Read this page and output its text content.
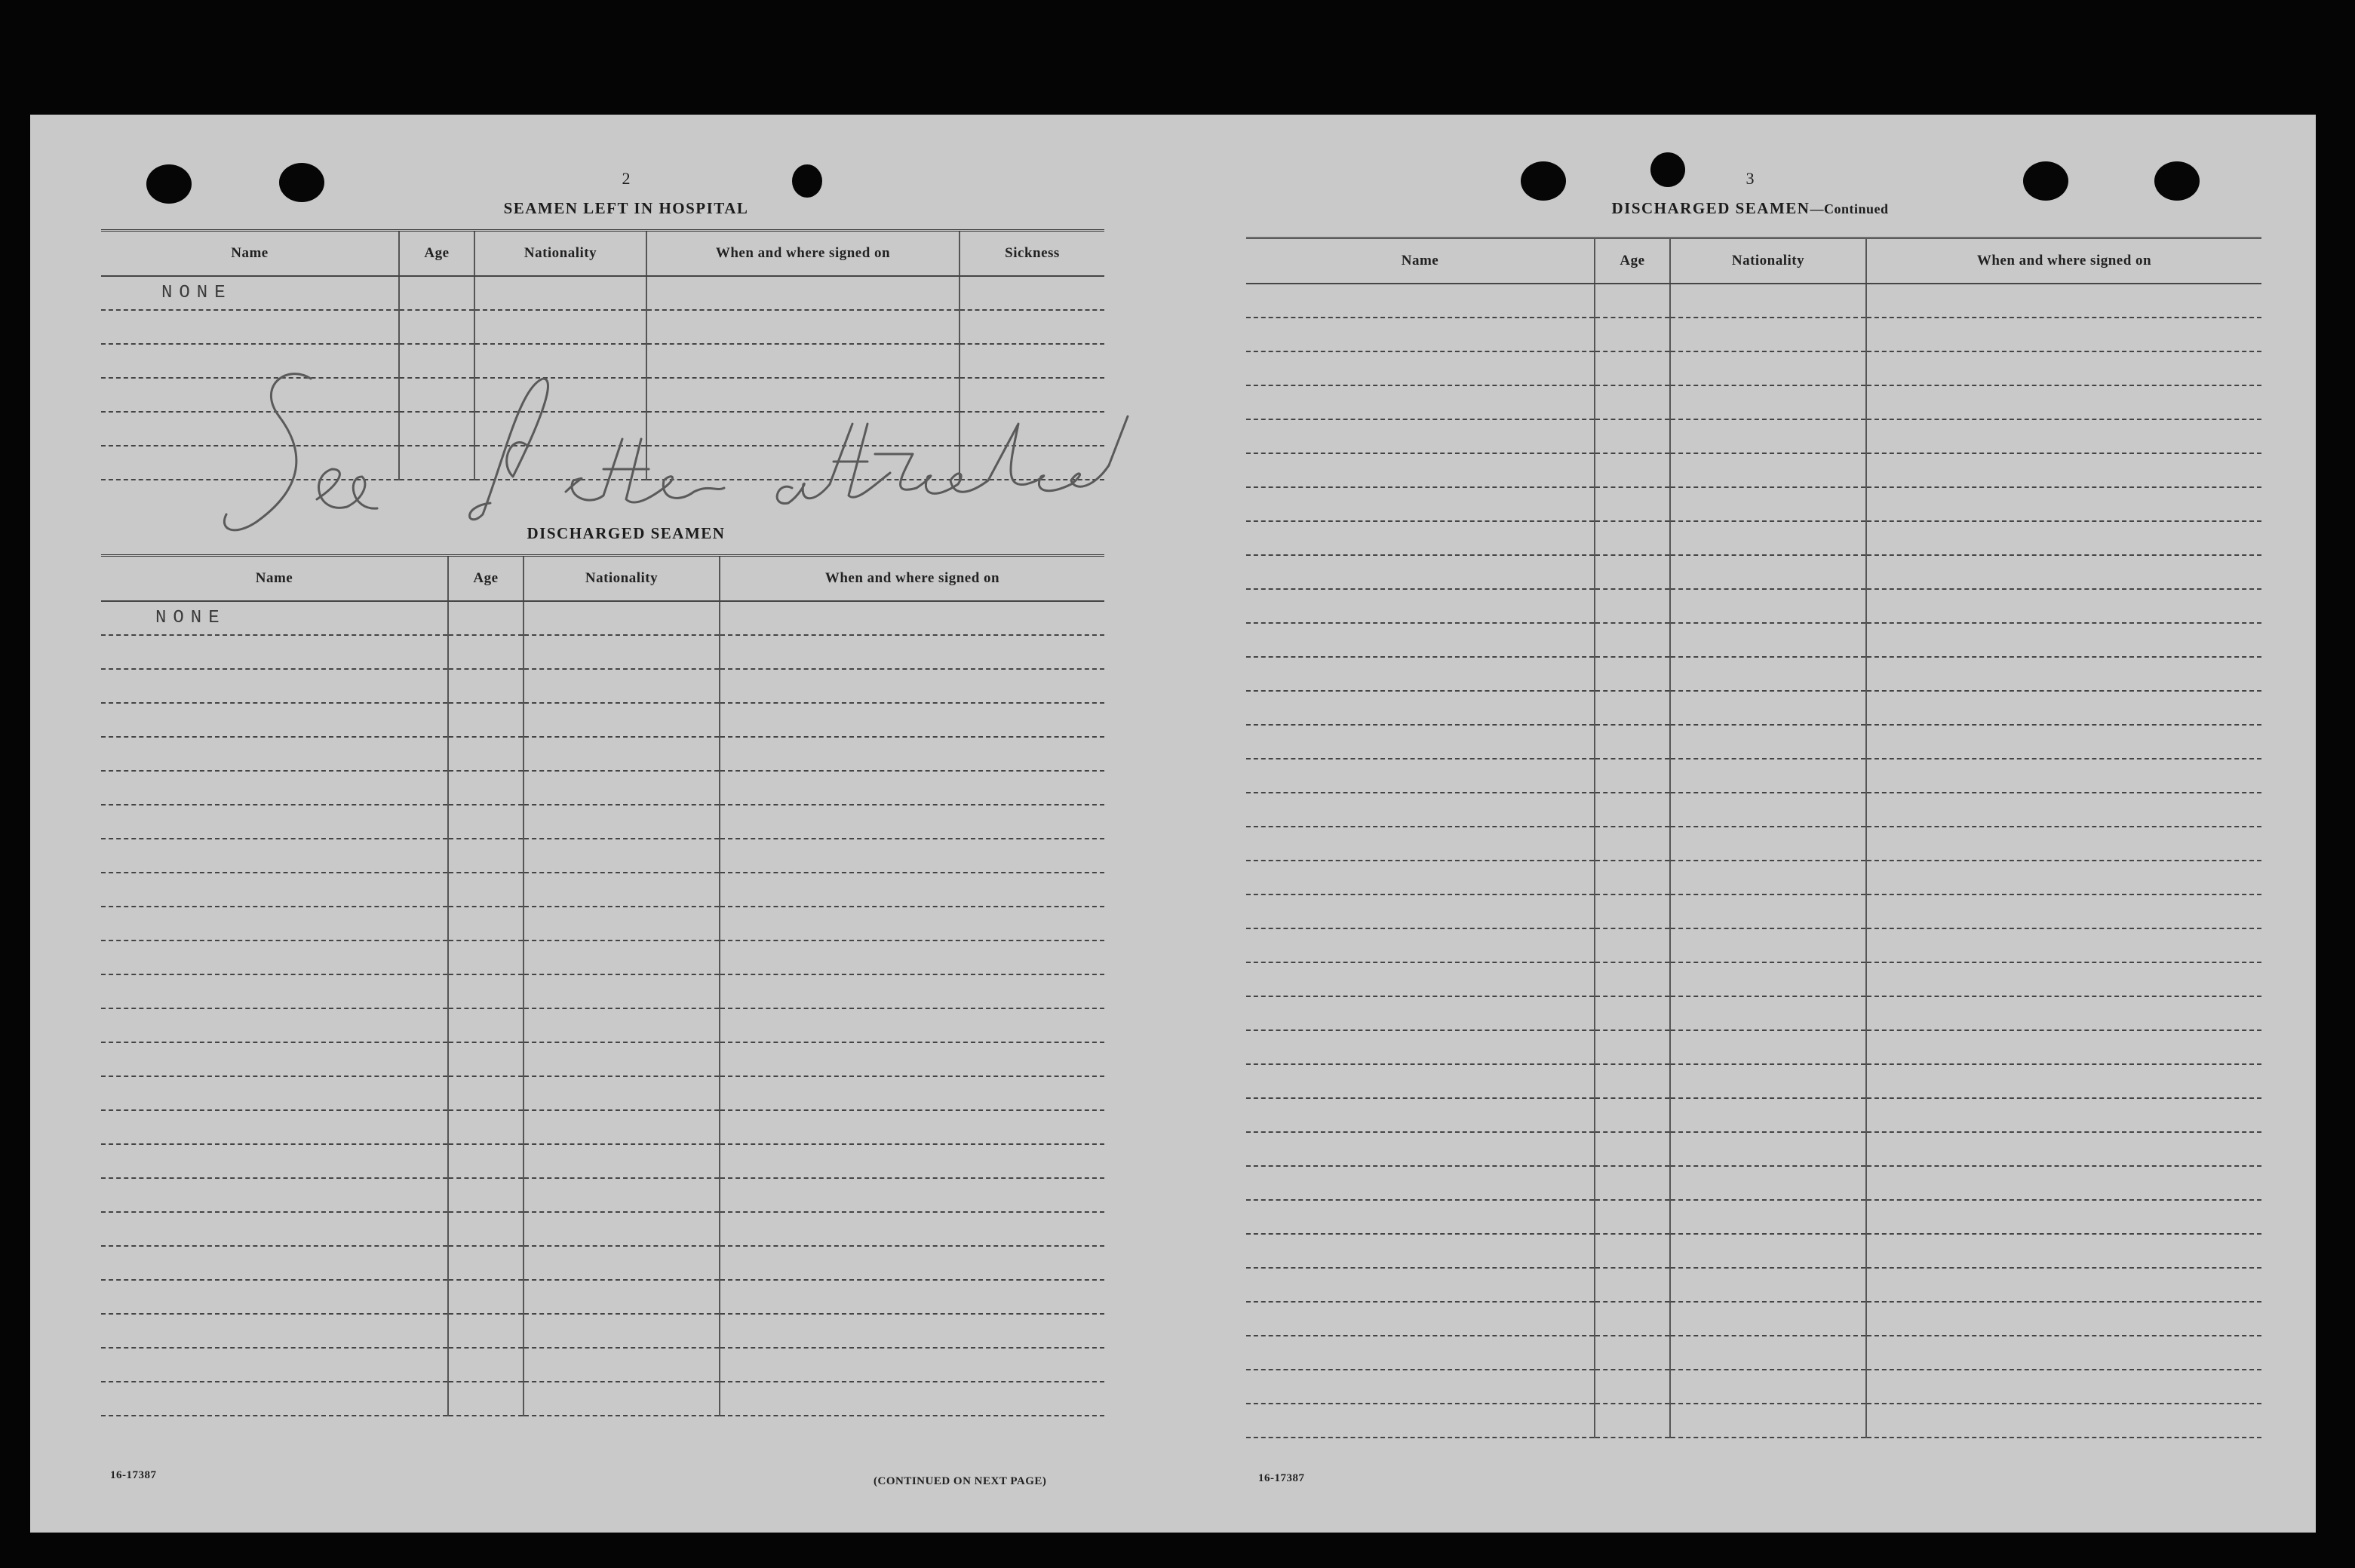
2
SEAMEN LEFT IN HOSPITAL
Name	Age	Nationality	When and where signed on	Sickness
NONE				

DISCHARGED SEAMEN
Name	Age	Nationality	When and where signed on
NONE			

16-17387	(CONTINUED ON NEXT PAGE)
3
DISCHARGED SEAMEN—Continued
Name	Age	Nationality	When and where signed on

16-17387
